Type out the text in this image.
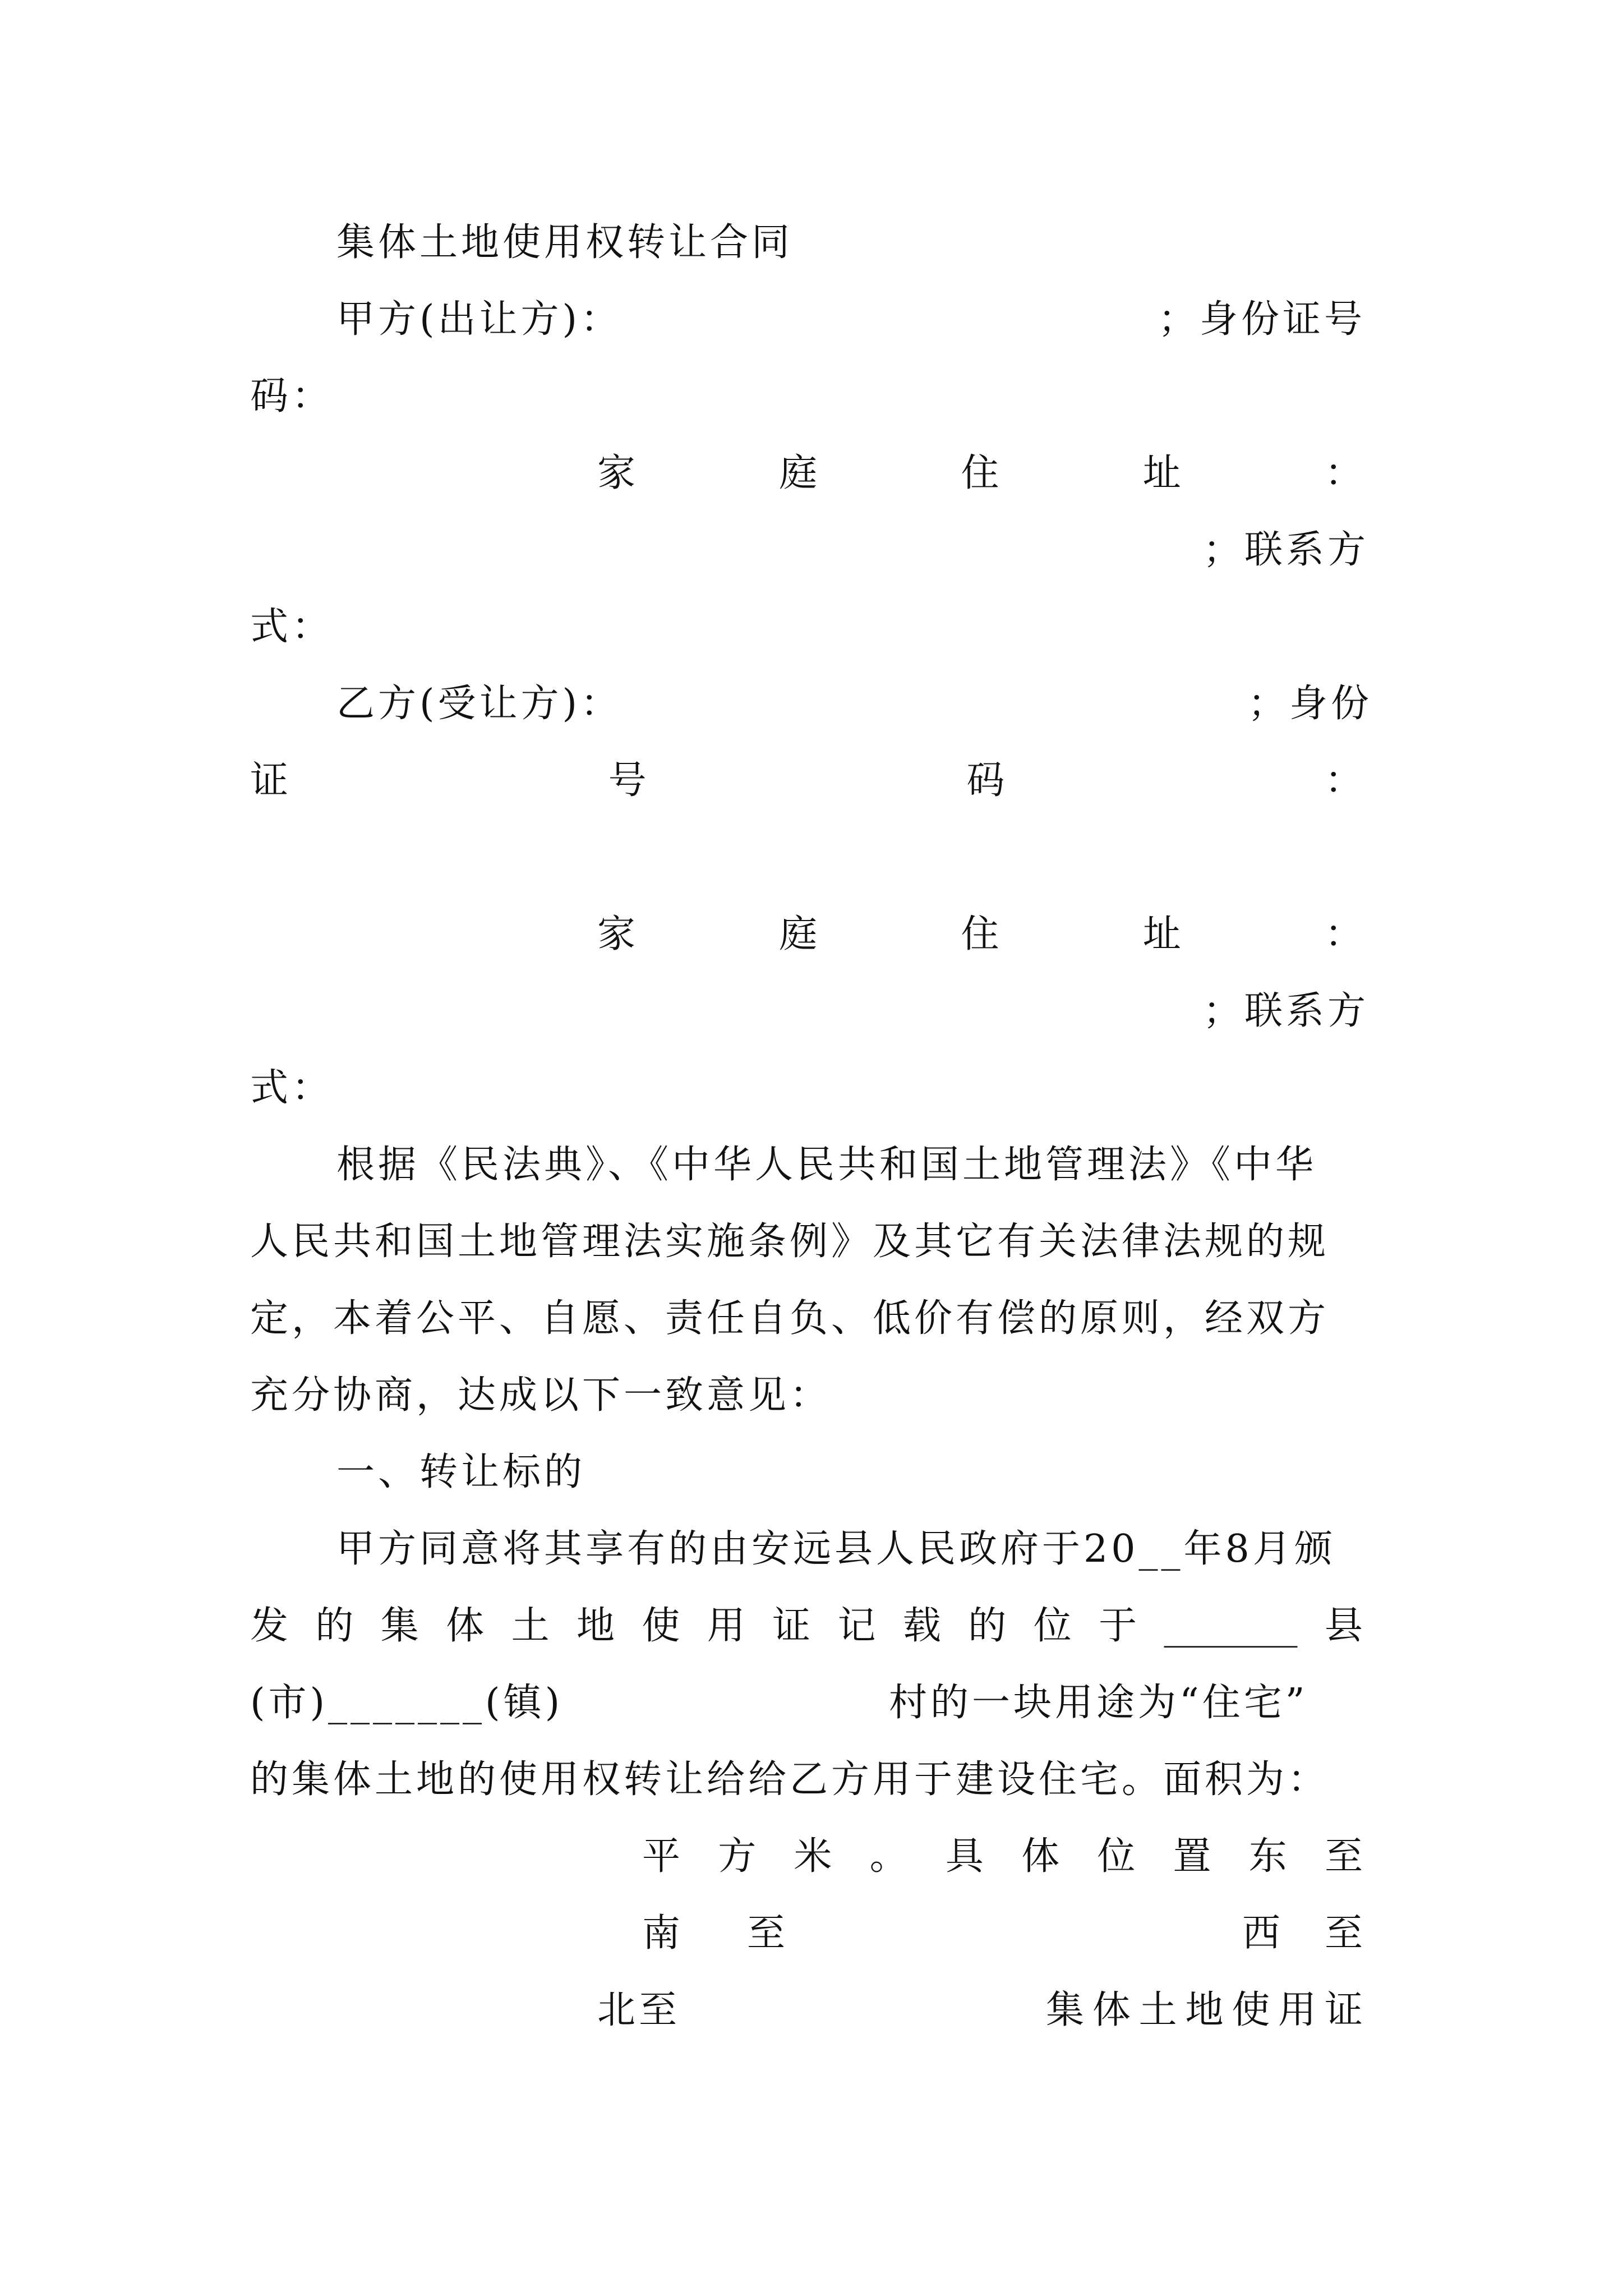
集体土地使用权转让合同
甲方(出让方)：	；身份证号
码：
家	庭	住	址	：
；联系方
式：
乙方(受让方)：	；身份
证	号	码	：
家	庭	住	址	：
；联系方
式：
根据《民法典》、《中华人民共和国土地管理法》《中华
人民共和国土地管理法实施条例》及其它有关法律法规的规
定，本着公平、自愿、责任自负、低价有偿的原则，经双方
充分协商，达成以下一致意见：
一、转让标的
甲方同意将其享有的由安远县人民政府于20__年8月颁
发 的 集 体 土 地 使 用 证 记 载 的 位 于 _______ 县
(市)_______(镇)	村的一块用途为“住宅”
的集体土地的使用权转让给给乙方用于建设住宅。面积为：
平 方 米 。 具 体 位 置 东 至
南 至	西 至
北至	集 体 土 地 使 用 证
